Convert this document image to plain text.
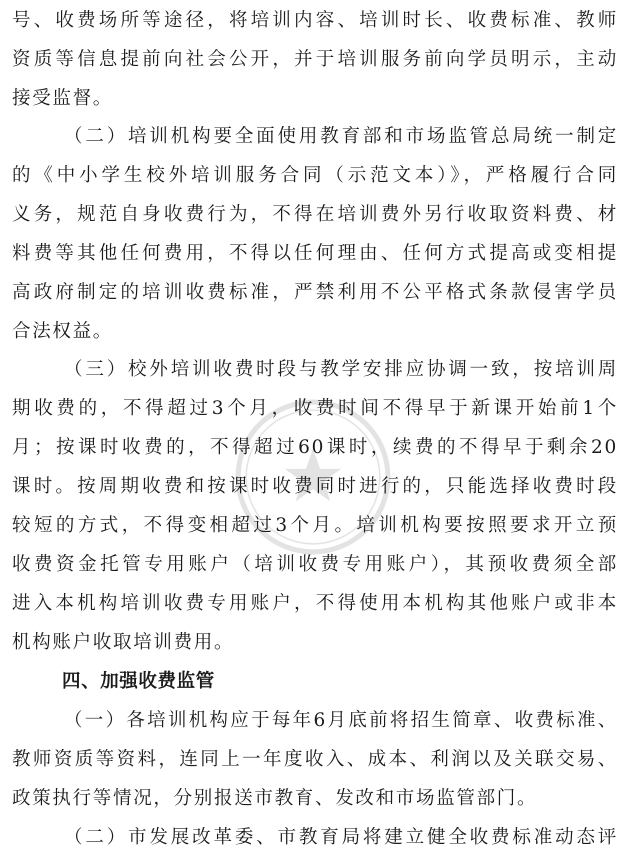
号、收费场所等途径，将培训内容、培训时长、收费标准、教师
资质等信息提前向社会公开，并于培训服务前向学员明示，主动
接受监督。
（二）培训机构要全面使用教育部和市场监管总局统一制定
的《中小学生校外培训服务合同（示范文本）》，严格履行合同
义务，规范自身收费行为，不得在培训费外另行收取资料费、材
料费等其他任何费用，不得以任何理由、任何方式提高或变相提
高政府制定的培训收费标准，严禁利用不公平格式条款侵害学员
合法权益。
（三）校外培训收费时段与教学安排应协调一致，按培训周
期收费的，不得超过3个月，收费时间不得早于新课开始前1个
月；按课时收费的，不得超过60课时，续费的不得早于剩余20
课时。按周期收费和按课时收费同时进行的，只能选择收费时段
较短的方式，不得变相超过3个月。培训机构要按照要求开立预
收费资金托管专用账户（培训收费专用账户），其预收费须全部
进入本机构培训收费专用账户，不得使用本机构其他账户或非本
机构账户收取培训费用。
四、加强收费监管
（一）各培训机构应于每年6月底前将招生简章、收费标准、
教师资质等资料，连同上一年度收入、成本、利润以及关联交易、
政策执行等情况，分别报送市教育、发改和市场监管部门。
（二）市发展改革委、市教育局将建立健全收费标准动态评
